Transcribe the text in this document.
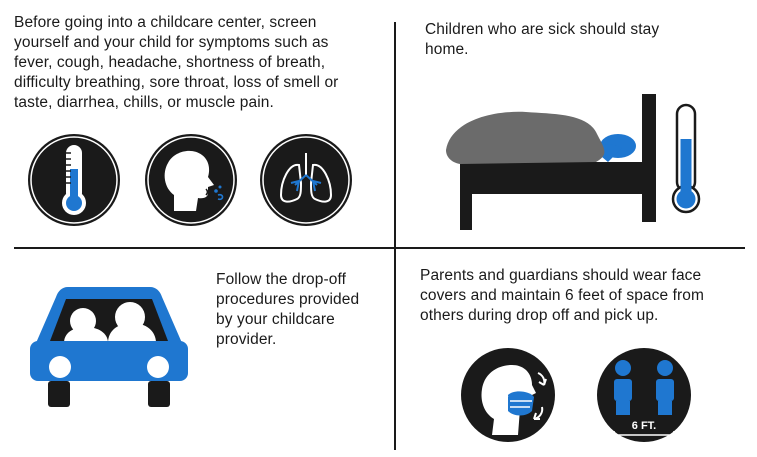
Before going into a childcare center, screen yourself and your child for symptoms such as fever, cough, headache, shortness of breath, difficulty breathing, sore throat, loss of smell or taste, diarrhea, chills, or muscle pain.
Children who are sick should stay home.
Follow the drop-off procedures provided by your childcare provider.
Parents and guardians should wear face covers and maintain 6 feet of space from others during drop off and pick up.
6 FT.
